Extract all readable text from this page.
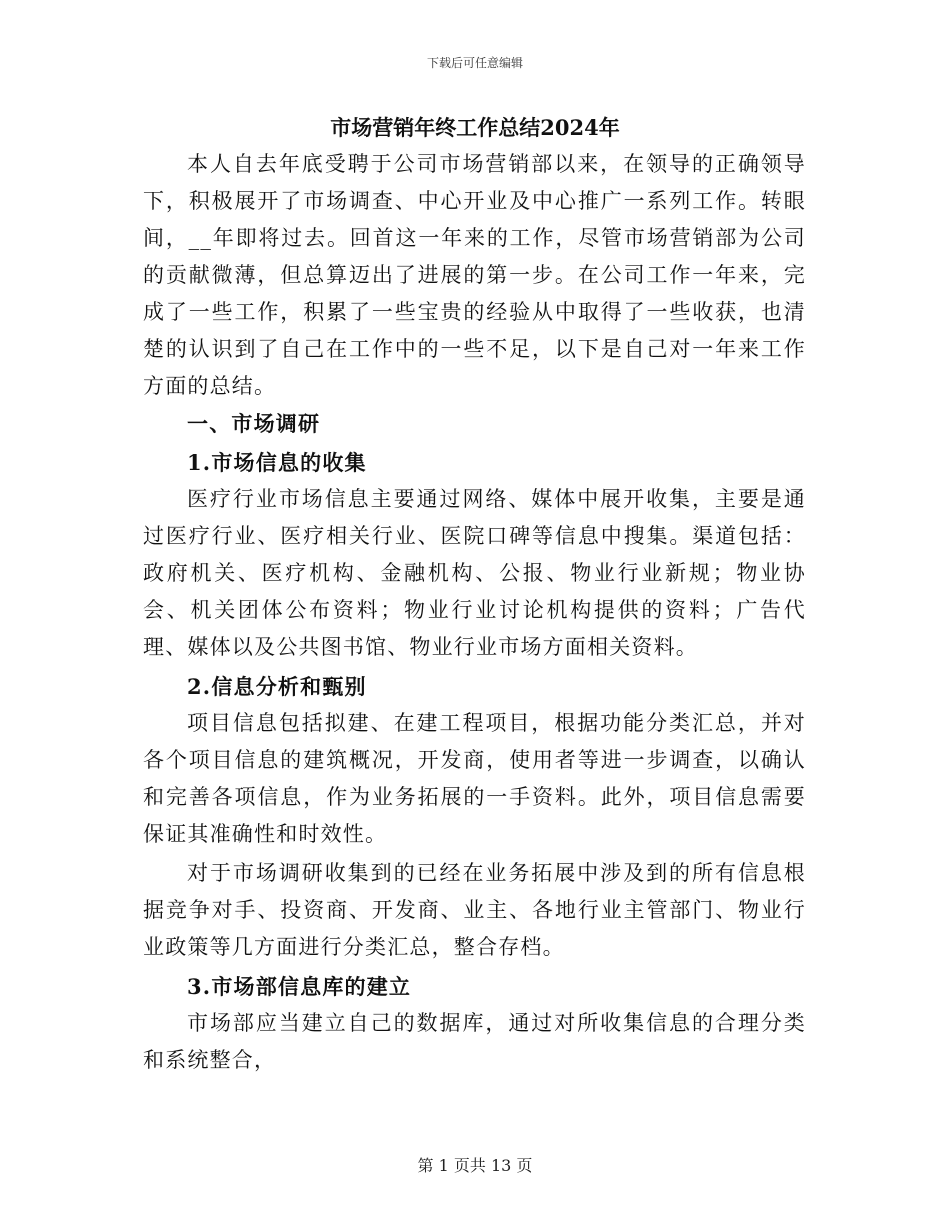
下载后可任意编辑
市场营销年终工作总结2024年

本人自去年底受聘于公司市场营销部以来，在领导的正确领导下，积极展开了市场调查、中心开业及中心推广一系列工作。转眼间，__年即将过去。回首这一年来的工作，尽管市场营销部为公司的贡献微薄，但总算迈出了进展的第一步。在公司工作一年来，完成了一些工作，积累了一些宝贵的经验从中取得了一些收获，也清楚的认识到了自己在工作中的一些不足，以下是自己对一年来工作方面的总结。

一、市场调研

1.市场信息的收集

医疗行业市场信息主要通过网络、媒体中展开收集，主要是通过医疗行业、医疗相关行业、医院口碑等信息中搜集。渠道包括：政府机关、医疗机构、金融机构、公报、物业行业新规；物业协会、机关团体公布资料；物业行业讨论机构提供的资料；广告代理、媒体以及公共图书馆、物业行业市场方面相关资料。

2.信息分析和甄别

项目信息包括拟建、在建工程项目，根据功能分类汇总，并对各个项目信息的建筑概况，开发商，使用者等进一步调查，以确认和完善各项信息，作为业务拓展的一手资料。此外，项目信息需要保证其准确性和时效性。

对于市场调研收集到的已经在业务拓展中涉及到的所有信息根据竞争对手、投资商、开发商、业主、各地行业主管部门、物业行业政策等几方面进行分类汇总，整合存档。

3.市场部信息库的建立

市场部应当建立自己的数据库，通过对所收集信息的合理分类和系统整合，

第 1 页共 13 页
